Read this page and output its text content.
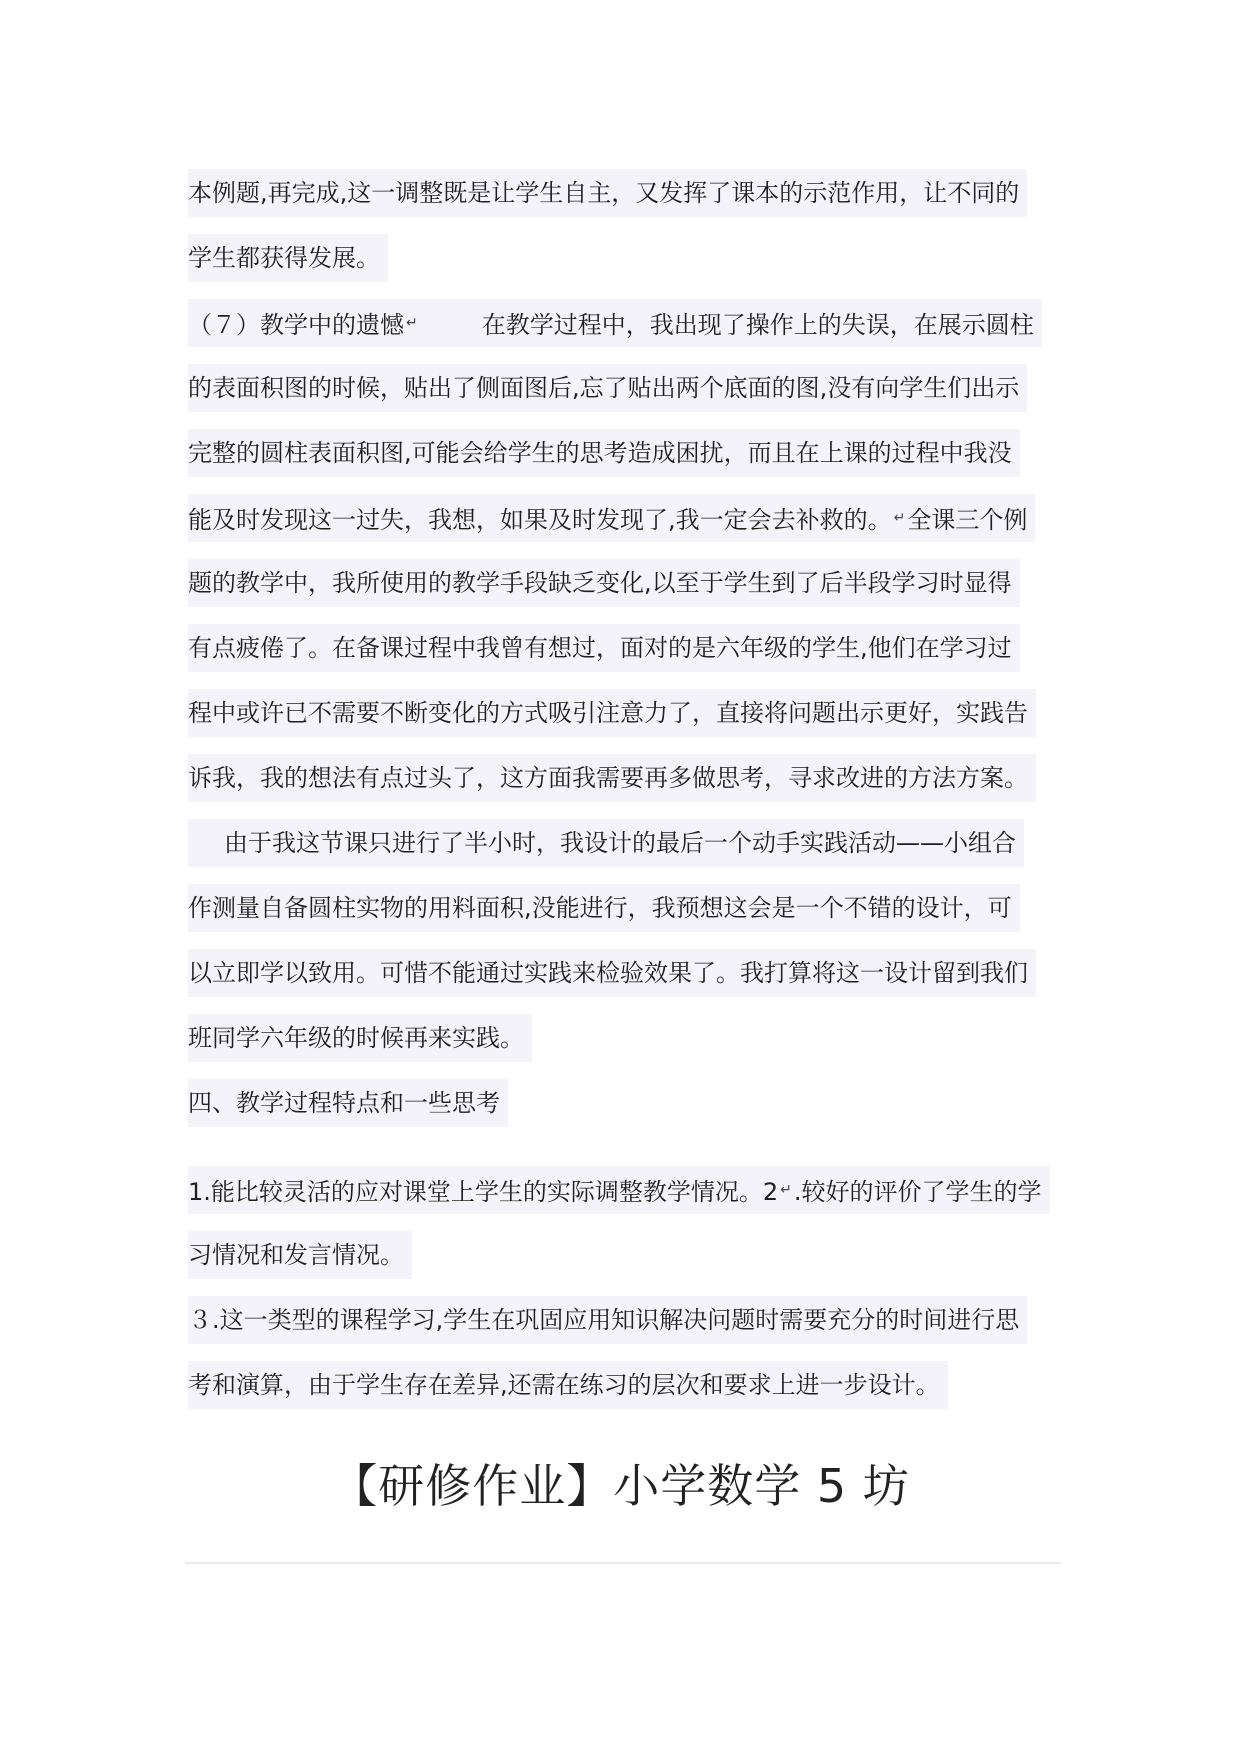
本例题,再完成,这一调整既是让学生自主，又发挥了课本的示范作用，让不同的
学生都获得发展。
（７）教学中的遗憾 ↵	在教学过程中，我出现了操作上的失误，在展示圆柱
的表面积图的时候，贴出了侧面图后,忘了贴出两个底面的图,没有向学生们出示
完整的圆柱表面积图,可能会给学生的思考造成困扰，而且在上课的过程中我没
能及时发现这一过失，我想，如果及时发现了,我一定会去补救的。 ↵全课三个例
题的教学中，我所使用的教学手段缺乏变化,以至于学生到了后半段学习时显得
有点疲倦了。在备课过程中我曾有想过，面对的是六年级的学生,他们在学习过
程中或许已不需要不断变化的方式吸引注意力了，直接将问题出示更好，实践告
诉我，我的想法有点过头了，这方面我需要再多做思考，寻求改进的方法方案。
由于我这节课只进行了半小时，我设计的最后一个动手实践活动——小组合
作测量自备圆柱实物的用料面积,没能进行，我预想这会是一个不错的设计，可
以立即学以致用。可惜不能通过实践来检验效果了。我打算将这一设计留到我们
班同学六年级的时候再来实践。
四、教学过程特点和一些思考
1.能比较灵活的应对课堂上学生的实际调整教学情况。2 ↵.较好的评价了学生的学
习情况和发言情况。
３.这一类型的课程学习,学生在巩固应用知识解决问题时需要充分的时间进行思
考和演算，由于学生存在差异,还需在练习的层次和要求上进一步设计。
【研修作业】小学数学 5 坊
